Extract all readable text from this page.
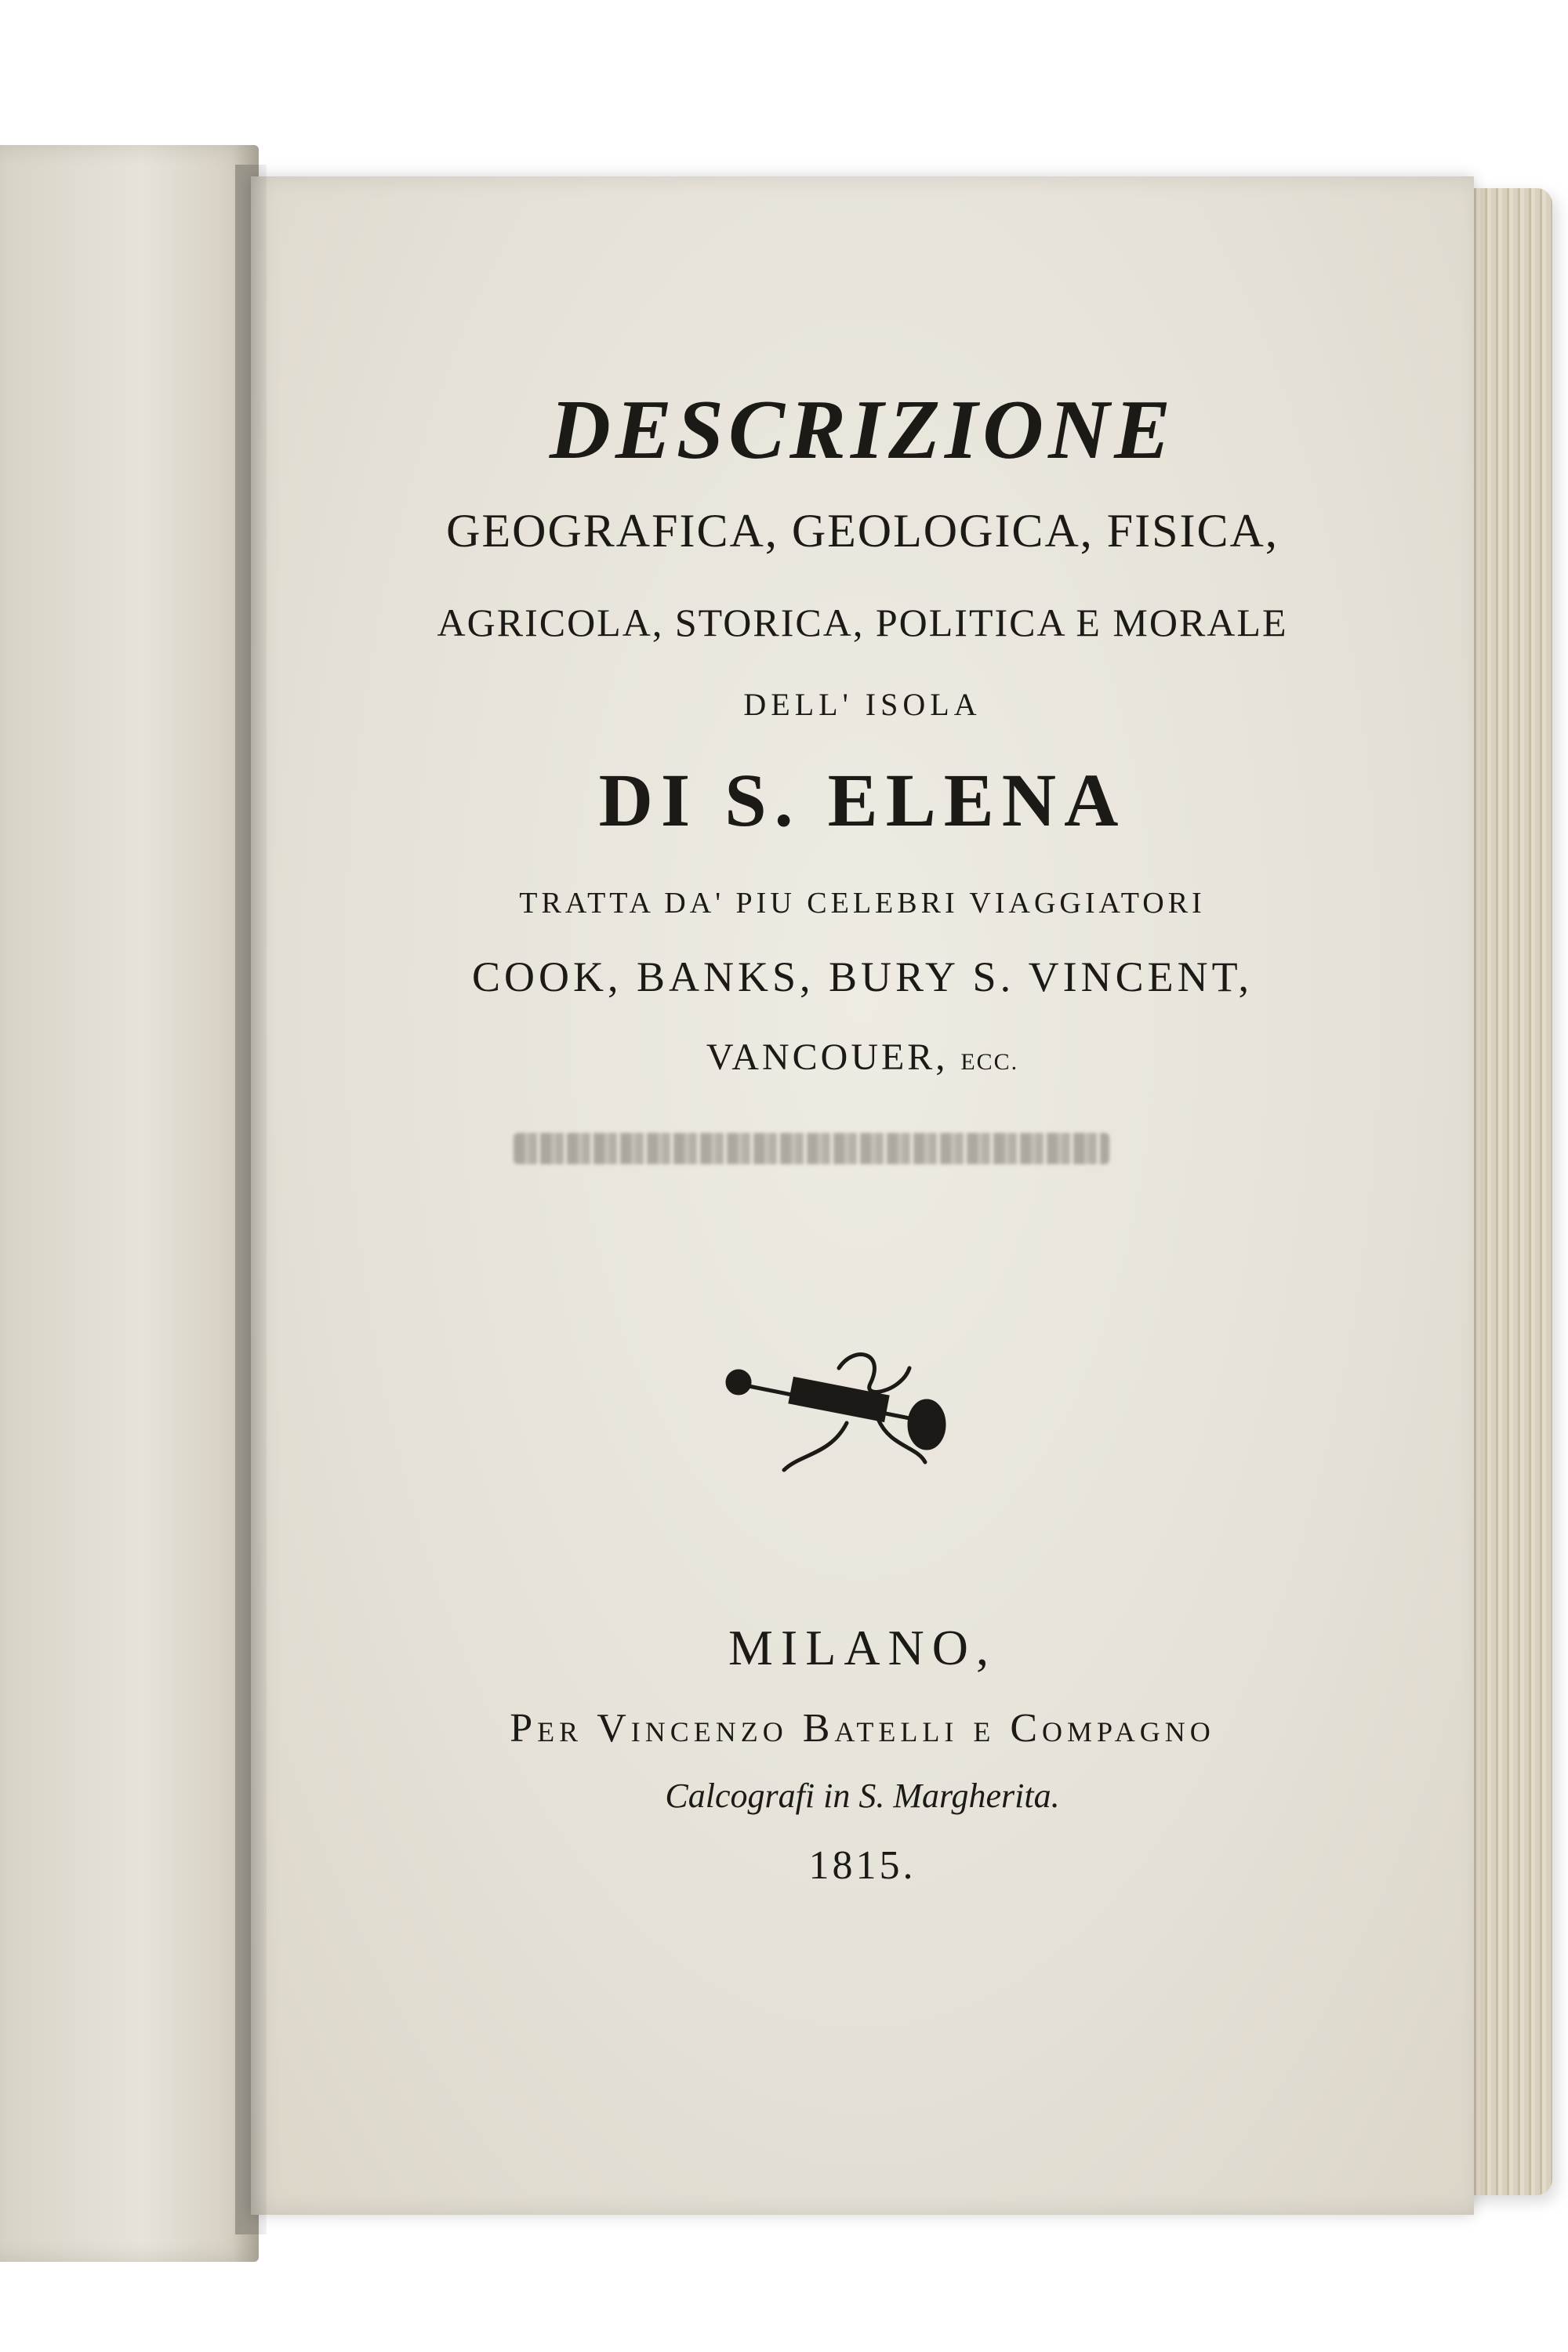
DESCRIZIONE
GEOGRAFICA, GEOLOGICA, FISICA,
AGRICOLA, STORICA, POLITICA E MORALE
DELL' ISOLA
DI S. ELENA
TRATTA DA' PIU CELEBRI VIAGGIATORI
COOK, BANKS, BURY S. VINCENT,
VANCOUER, ECC.
MILANO,
Per Vincenzo Batelli e Compagno
Calcografi in S. Margherita.
1815.
